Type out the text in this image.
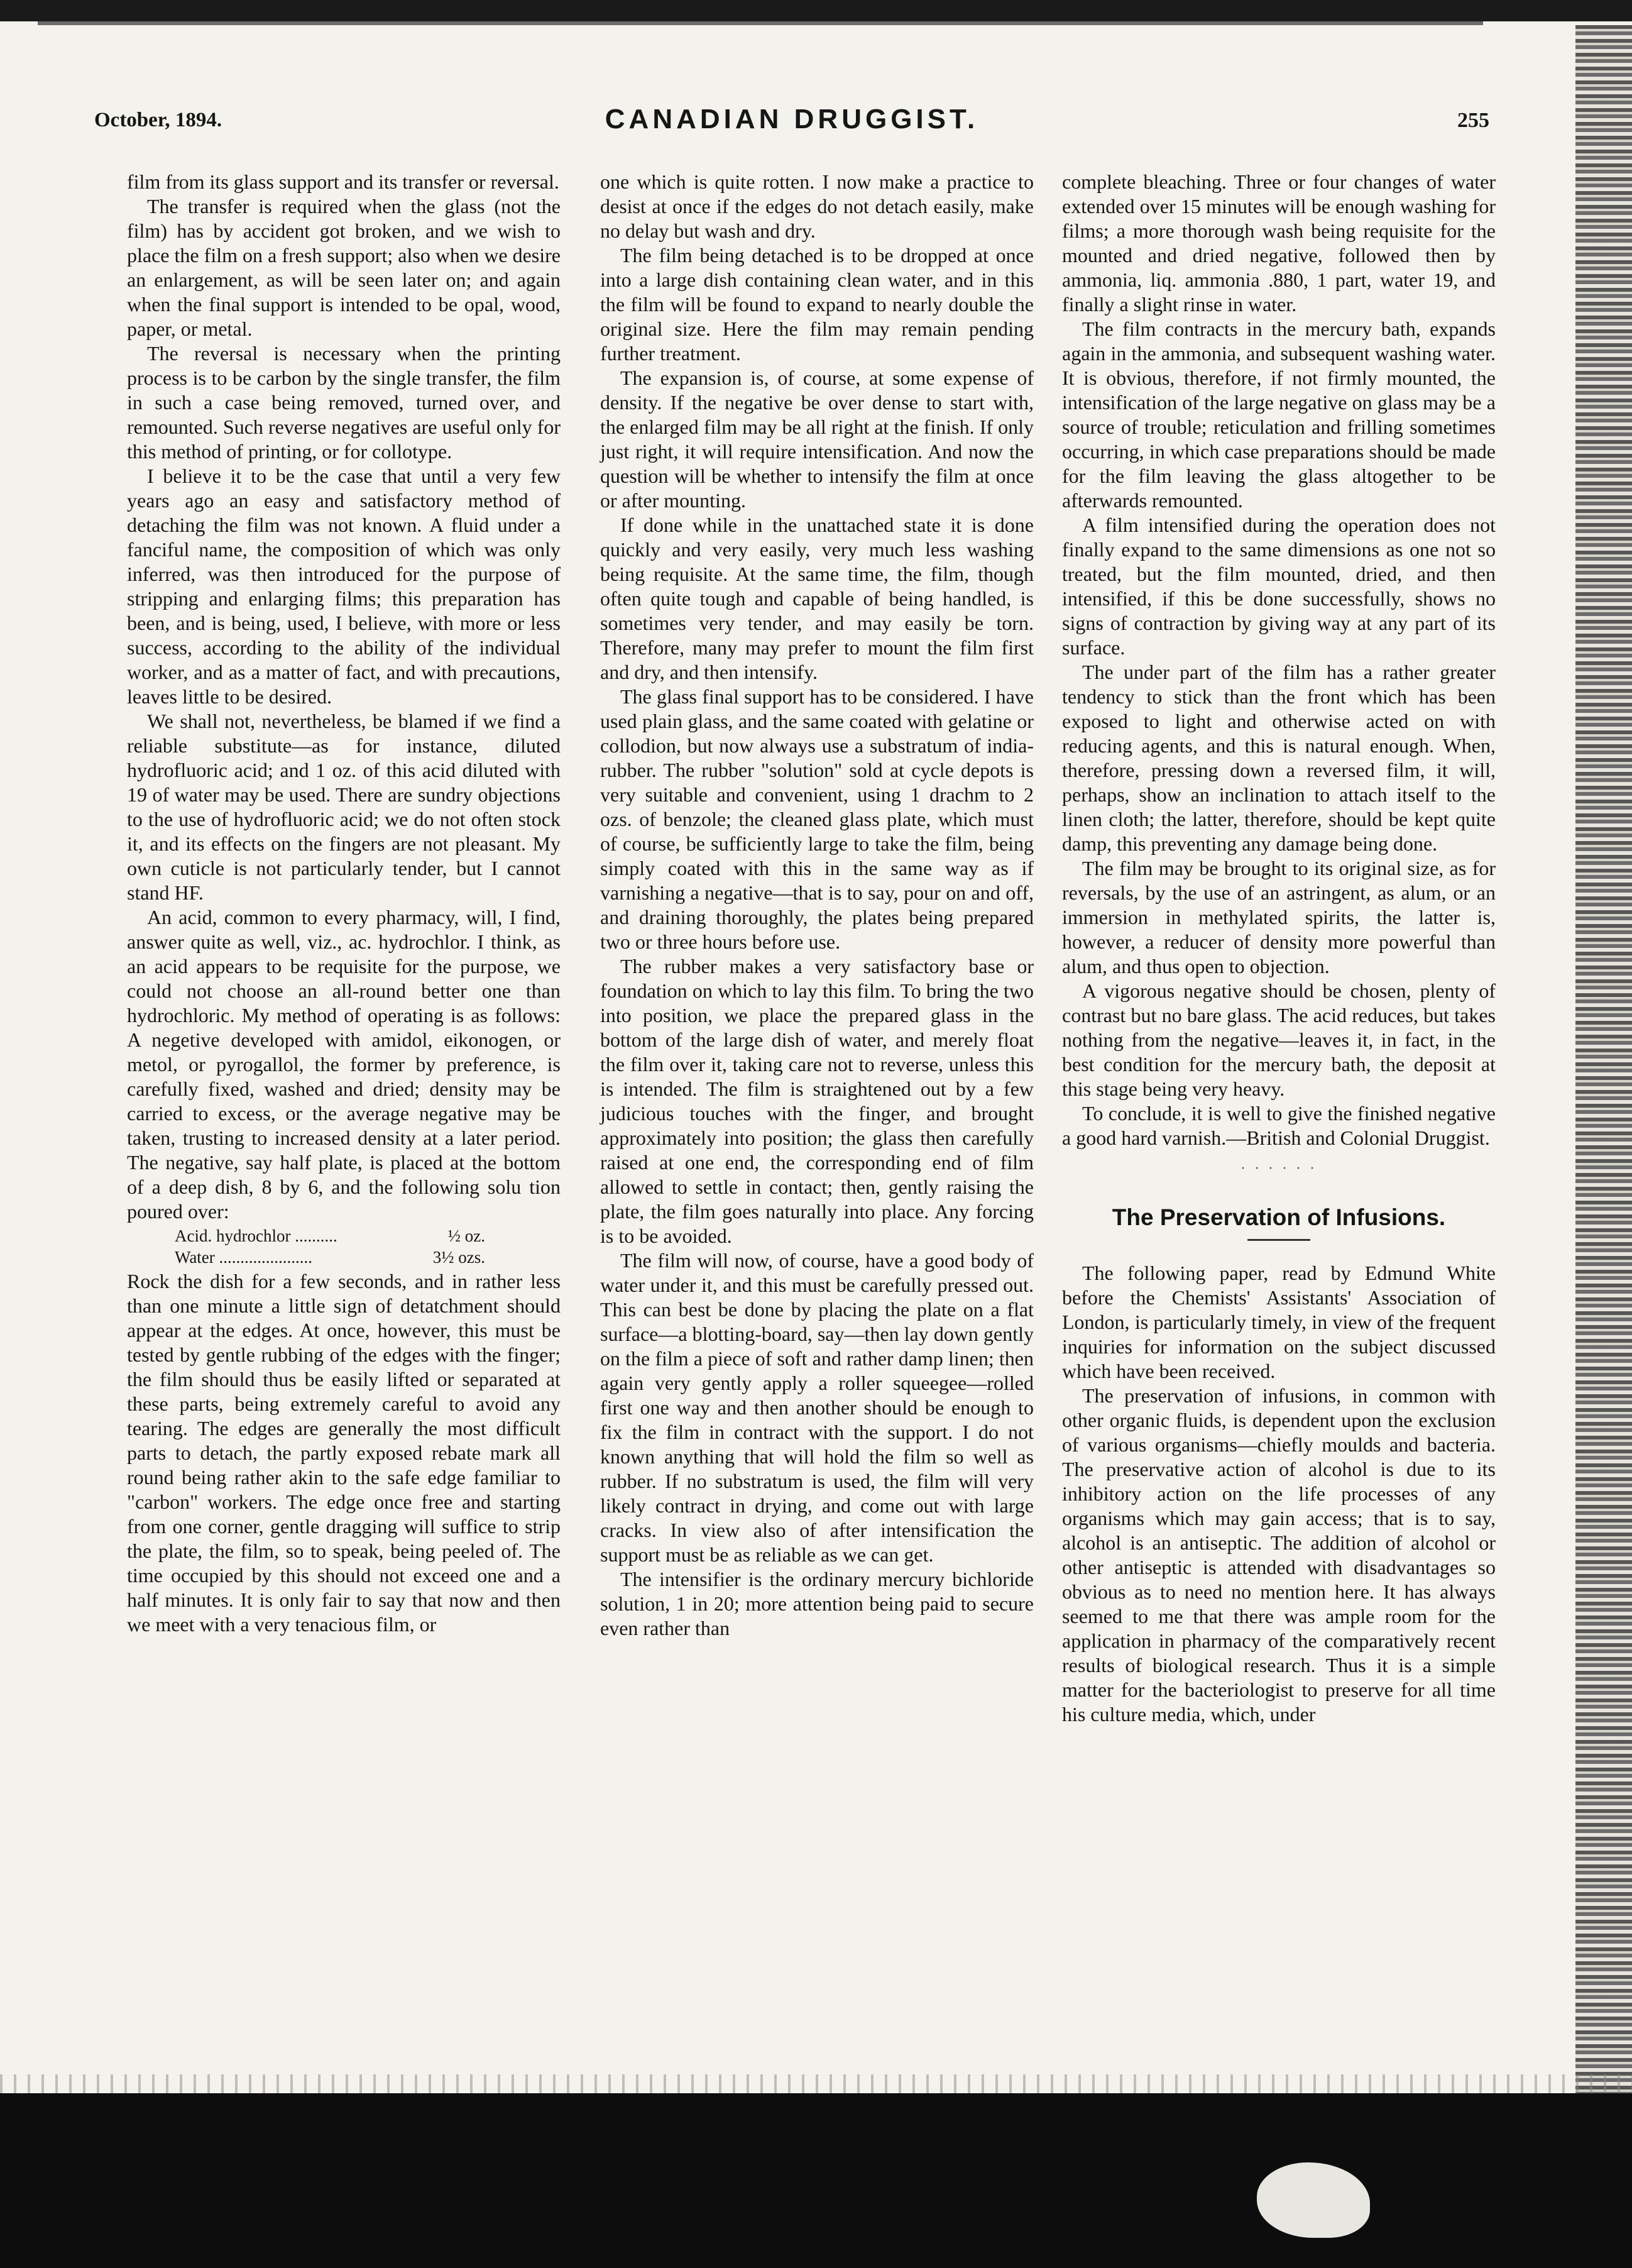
October, 1894.	CANADIAN DRUGGIST.	255

film from its glass support and its transfer or reversal.

The transfer is required when the glass (not the film) has by accident got broken, and we wish to place the film on a fresh support; also when we desire an enlargement, as will be seen later on; and again when the final support is intended to be opal, wood, paper, or metal.

The reversal is necessary when the printing process is to be carbon by the single transfer, the film in such a case being removed, turned over, and remounted. Such reverse negatives are useful only for this method of printing, or for collotype.

I believe it to be the case that until a very few years ago an easy and satisfactory method of detaching the film was not known. A fluid under a fanciful name, the composition of which was only inferred, was then introduced for the purpose of stripping and enlarging films; this preparation has been, and is being, used, I believe, with more or less success, according to the ability of the individual worker, and as a matter of fact, and with precautions, leaves little to be desired.

We shall not, nevertheless, be blamed if we find a reliable substitute—as for instance, diluted hydrofluoric acid; and 1 oz. of this acid diluted with 19 of water may be used. There are sundry objections to the use of hydrofluoric acid; we do not often stock it, and its effects on the fingers are not pleasant. My own cuticle is not particularly tender, but I cannot stand HF.

An acid, common to every pharmacy, will, I find, answer quite as well, viz., ac. hydrochlor. I think, as an acid appears to be requisite for the purpose, we could not choose an all-round better one than hydrochloric. My method of operating is as follows: A negetive developed with amidol, eikonogen, or metol, or pyrogallol, the former by preference, is carefully fixed, washed and dried; density may be carried to excess, or the average negative may be taken, trusting to increased density at a later period. The negative, say half plate, is placed at the bottom of a deep dish, 8 by 6, and the following solu tion poured over:

Acid. hydrochlor ..........	½ oz.
Water ......................	3½ ozs.

Rock the dish for a few seconds, and in rather less than one minute a little sign of detatchment should appear at the edges. At once, however, this must be tested by gentle rubbing of the edges with the finger; the film should thus be easily lifted or separated at these parts, being extremely careful to avoid any tearing. The edges are generally the most difficult parts to detach, the partly exposed rebate mark all round being rather akin to the safe edge familiar to "carbon" workers. The edge once free and starting from one corner, gentle dragging will suffice to strip the plate, the film, so to speak, being peeled of. The time occupied by this should not exceed one and a half minutes. It is only fair to say that now and then we meet with a very tenacious film, or

one which is quite rotten. I now make a practice to desist at once if the edges do not detach easily, make no delay but wash and dry.

The film being detached is to be dropped at once into a large dish containing clean water, and in this the film will be found to expand to nearly double the original size. Here the film may remain pending further treatment.

The expansion is, of course, at some expense of density. If the negative be over dense to start with, the enlarged film may be all right at the finish. If only just right, it will require intensification. And now the question will be whether to intensify the film at once or after mounting.

If done while in the unattached state it is done quickly and very easily, very much less washing being requisite. At the same time, the film, though often quite tough and capable of being handled, is sometimes very tender, and may easily be torn. Therefore, many may prefer to mount the film first and dry, and then intensify.

The glass final support has to be considered. I have used plain glass, and the same coated with gelatine or collodion, but now always use a substratum of india-rubber. The rubber "solution" sold at cycle depots is very suitable and convenient, using 1 drachm to 2 ozs. of benzole; the cleaned glass plate, which must of course, be sufficiently large to take the film, being simply coated with this in the same way as if varnishing a negative—that is to say, pour on and off, and draining thoroughly, the plates being prepared two or three hours before use.

The rubber makes a very satisfactory base or foundation on which to lay this film. To bring the two into position, we place the prepared glass in the bottom of the large dish of water, and merely float the film over it, taking care not to reverse, unless this is intended. The film is straightened out by a few judicious touches with the finger, and brought approximately into position; the glass then carefully raised at one end, the corresponding end of film allowed to settle in contact; then, gently raising the plate, the film goes naturally into place. Any forcing is to be avoided.

The film will now, of course, have a good body of water under it, and this must be carefully pressed out. This can best be done by placing the plate on a flat surface—a blotting-board, say—then lay down gently on the film a piece of soft and rather damp linen; then again very gently apply a roller squeegee—rolled first one way and then another should be enough to fix the film in contract with the support. I do not known anything that will hold the film so well as rubber. If no substratum is used, the film will very likely contract in drying, and come out with large cracks. In view also of after intensification the support must be as reliable as we can get.

The intensifier is the ordinary mercury bichloride solution, 1 in 20; more attention being paid to secure even rather than

complete bleaching. Three or four changes of water extended over 15 minutes will be enough washing for films; a more thorough wash being requisite for the mounted and dried negative, followed then by ammonia, liq. ammonia .880, 1 part, water 19, and finally a slight rinse in water.

The film contracts in the mercury bath, expands again in the ammonia, and subsequent washing water. It is obvious, therefore, if not firmly mounted, the intensification of the large negative on glass may be a source of trouble; reticulation and frilling sometimes occurring, in which case preparations should be made for the film leaving the glass altogether to be afterwards remounted.

A film intensified during the operation does not finally expand to the same dimensions as one not so treated, but the film mounted, dried, and then intensified, if this be done successfully, shows no signs of contraction by giving way at any part of its surface.

The under part of the film has a rather greater tendency to stick than the front which has been exposed to light and otherwise acted on with reducing agents, and this is natural enough. When, therefore, pressing down a reversed film, it will, perhaps, show an inclination to attach itself to the linen cloth; the latter, therefore, should be kept quite damp, this preventing any damage being done.

The film may be brought to its original size, as for reversals, by the use of an astringent, as alum, or an immersion in methylated spirits, the latter is, however, a reducer of density more powerful than alum, and thus open to objection.

A vigorous negative should be chosen, plenty of contrast but no bare glass. The acid reduces, but takes nothing from the negative—leaves it, in fact, in the best condition for the mercury bath, the deposit at this stage being very heavy.

To conclude, it is well to give the finished negative a good hard varnish.—British and Colonial Druggist.

· · · · · ·
The Preservation of Infusions.

The following paper, read by Edmund White before the Chemists' Assistants' Association of London, is particularly timely, in view of the frequent inquiries for information on the subject discussed which have been received.

The preservation of infusions, in common with other organic fluids, is dependent upon the exclusion of various organisms—chiefly moulds and bacteria. The preservative action of alcohol is due to its inhibitory action on the life processes of any organisms which may gain access; that is to say, alcohol is an antiseptic. The addition of alcohol or other antiseptic is attended with disadvantages so obvious as to need no mention here. It has always seemed to me that there was ample room for the application in pharmacy of the comparatively recent results of biological research. Thus it is a simple matter for the bacteriologist to preserve for all time his culture media, which, under
